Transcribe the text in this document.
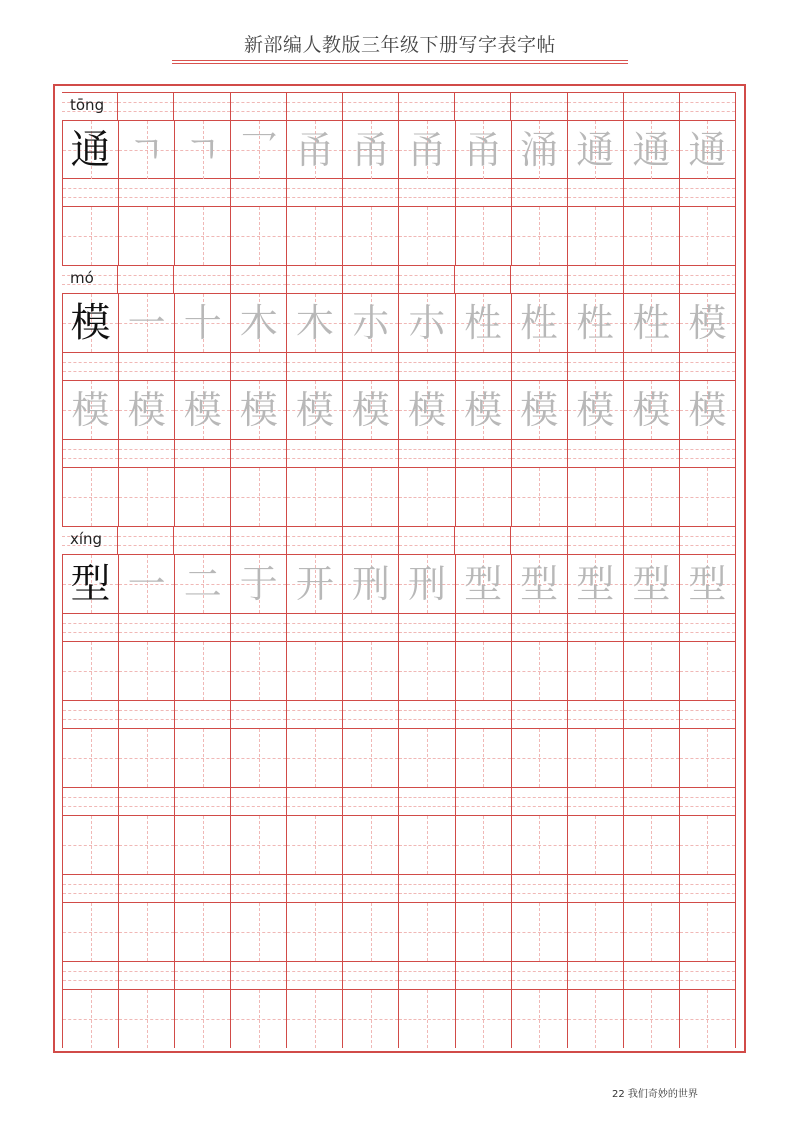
新部编人教版三年级下册写字表字帖
tōng
通 ㄱ ㄱ 乛 甬 甬 甬 甬 涌 通 通 通
mó
模 一 十 木 木 朩 朩 栍 栍 栍 栍 模
模 模 模 模 模 模 模 模 模 模 模 模
xíng
型 一 二 于 开 刑 刑 型 型 型 型 型
22 我们奇妙的世界
